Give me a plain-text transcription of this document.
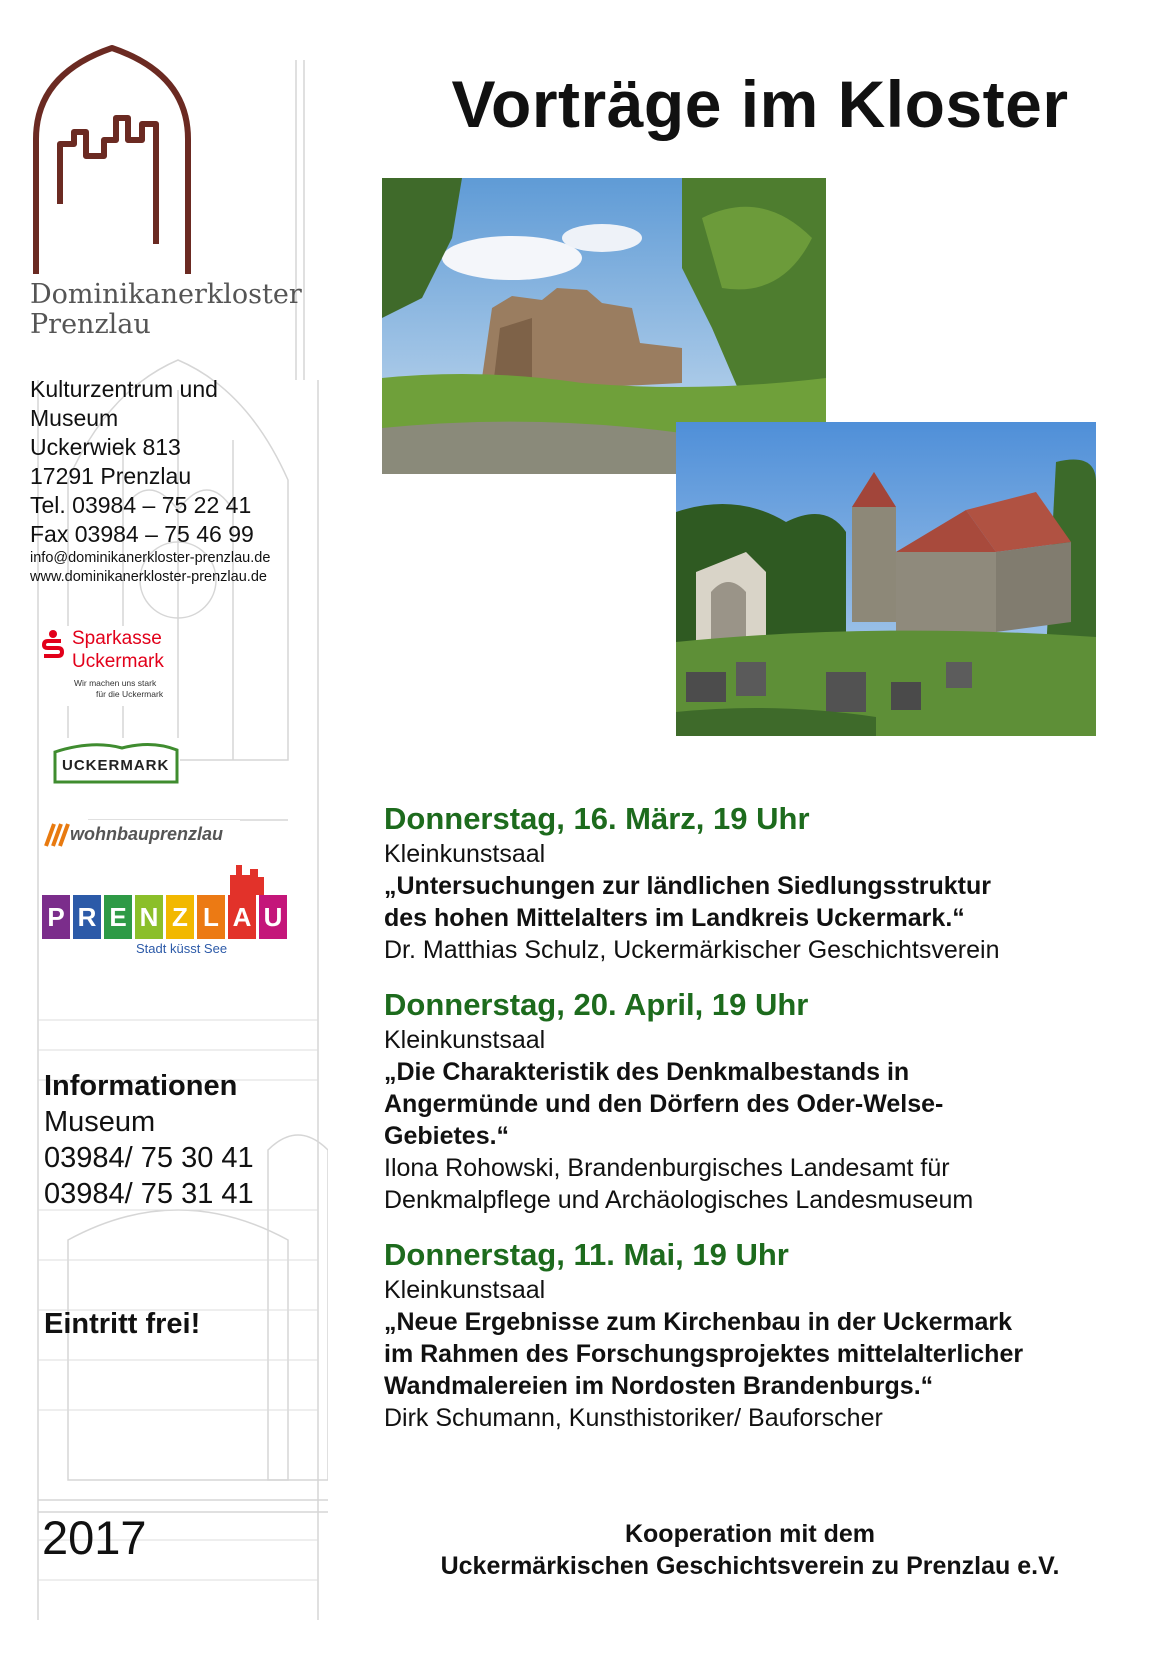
Dominikanerkloster
Prenzlau
Kulturzentrum und
Museum
Uckerwiek 813
17291 Prenzlau
Tel. 03984 – 75 22 41
Fax 03984 – 75 46 99
info@dominikanerkloster-prenzlau.de
www.dominikanerkloster-prenzlau.de
Sparkasse
Uckermark
Wir machen uns stark
für die Uckermark
UCKERMARK
wohnbauprenzlau
P R E N Z L A U
Stadt küsst See
Informationen
Museum
03984/ 75 30 41
03984/ 75 31 41
Eintritt frei!
2017
Vorträge im Kloster
Donnerstag, 16. März, 19 Uhr
Kleinkunstsaal
„Untersuchungen zur ländlichen Siedlungsstruktur
des hohen Mittelalters im Landkreis Uckermark.“
Dr. Matthias Schulz, Uckermärkischer Geschichtsverein
Donnerstag, 20. April, 19 Uhr
Kleinkunstsaal
„Die Charakteristik des Denkmalbestands in
Angermünde und den Dörfern des Oder-Welse-
Gebietes.“
Ilona Rohowski, Brandenburgisches Landesamt für
Denkmalpflege und Archäologisches Landesmuseum
Donnerstag, 11. Mai, 19 Uhr
Kleinkunstsaal
„Neue Ergebnisse zum Kirchenbau in der Uckermark
im Rahmen des Forschungsprojektes mittelalterlicher
Wandmalereien im Nordosten Brandenburgs.“
Dirk Schumann, Kunsthistoriker/ Bauforscher
Kooperation mit dem
Uckermärkischen Geschichtsverein zu Prenzlau e.V.
